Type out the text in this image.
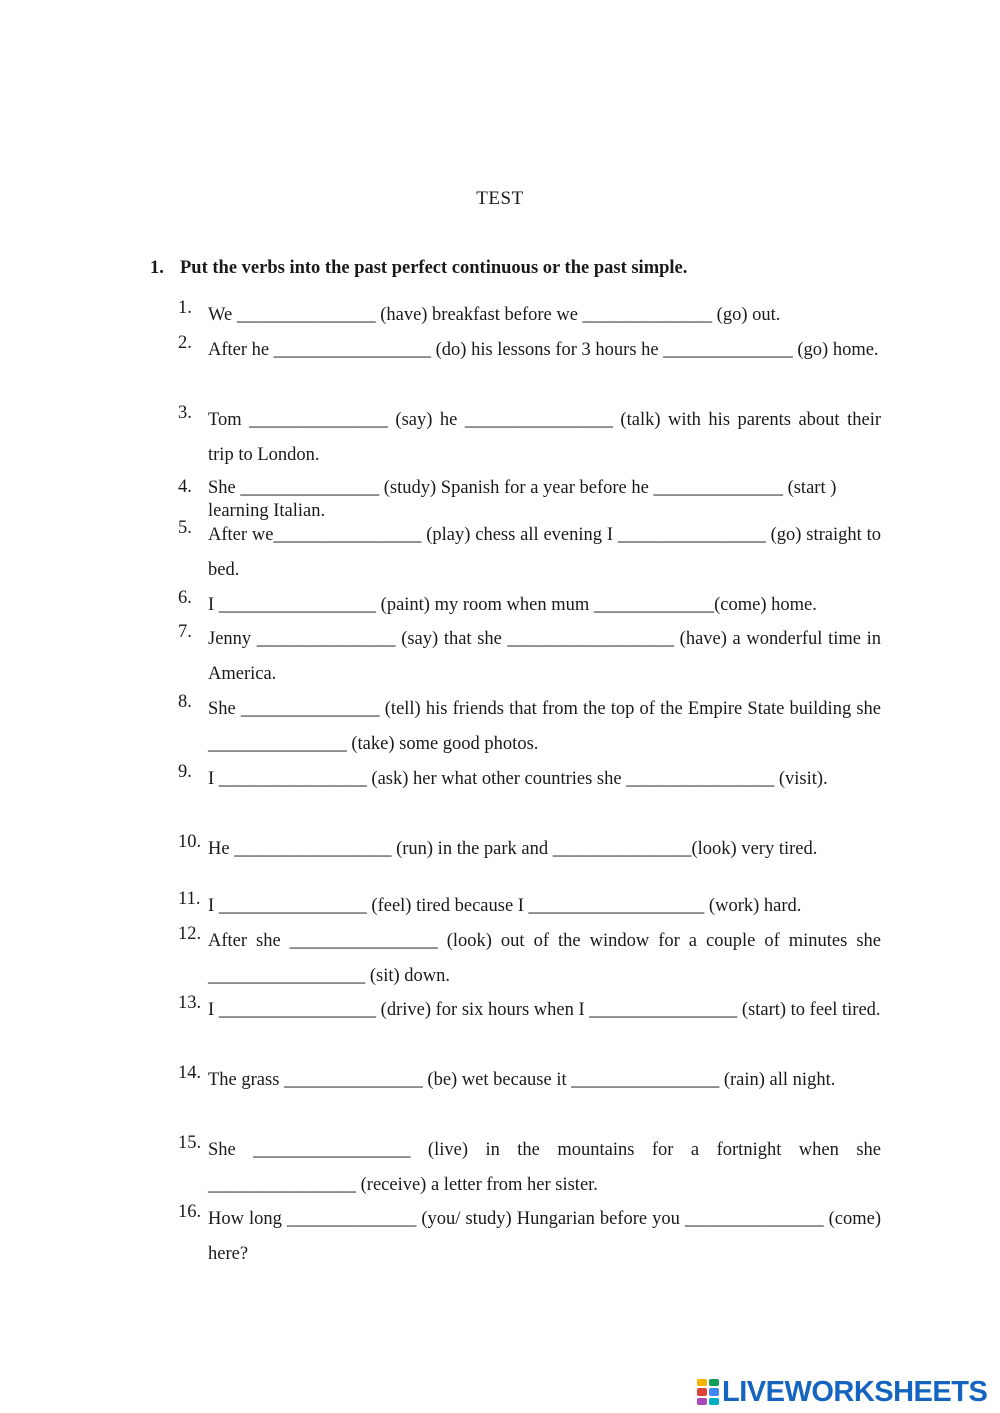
TEST
1. Put the verbs into the past perfect continuous or the past simple.
1. We _______________ (have) breakfast before we ______________ (go) out.
2. After he _________________ (do) his lessons for 3 hours he ______________ (go) home.
3. Tom _______________ (say) he ________________ (talk) with his parents about their trip to London.
4. She _______________ (study) Spanish for a year before he ______________ (start ) learning Italian.
5. After we________________ (play) chess all evening I ________________ (go) straight to bed.
6. I _________________ (paint) my room when mum _____________(come) home.
7. Jenny _______________ (say) that she __________________ (have) a wonderful time in America.
8. She _______________ (tell) his friends that from the top of the Empire State building she _______________ (take) some good photos.
9. I ________________ (ask) her what other countries she ________________ (visit).
10. He _________________ (run) in the park and _______________(look) very tired.
11. I ________________ (feel) tired because I ___________________ (work) hard.
12. After she ________________ (look) out of the window for a couple of minutes she _________________ (sit) down.
13. I _________________ (drive) for six hours when I ________________ (start) to feel tired.
14. The grass _______________ (be) wet because it ________________ (rain) all night.
15. She _________________ (live) in the mountains for a fortnight when she ________________ (receive) a letter from her sister.
16. How long ______________ (you/ study) Hungarian before you _______________ (come) here?
LIVEWORKSHEETS
